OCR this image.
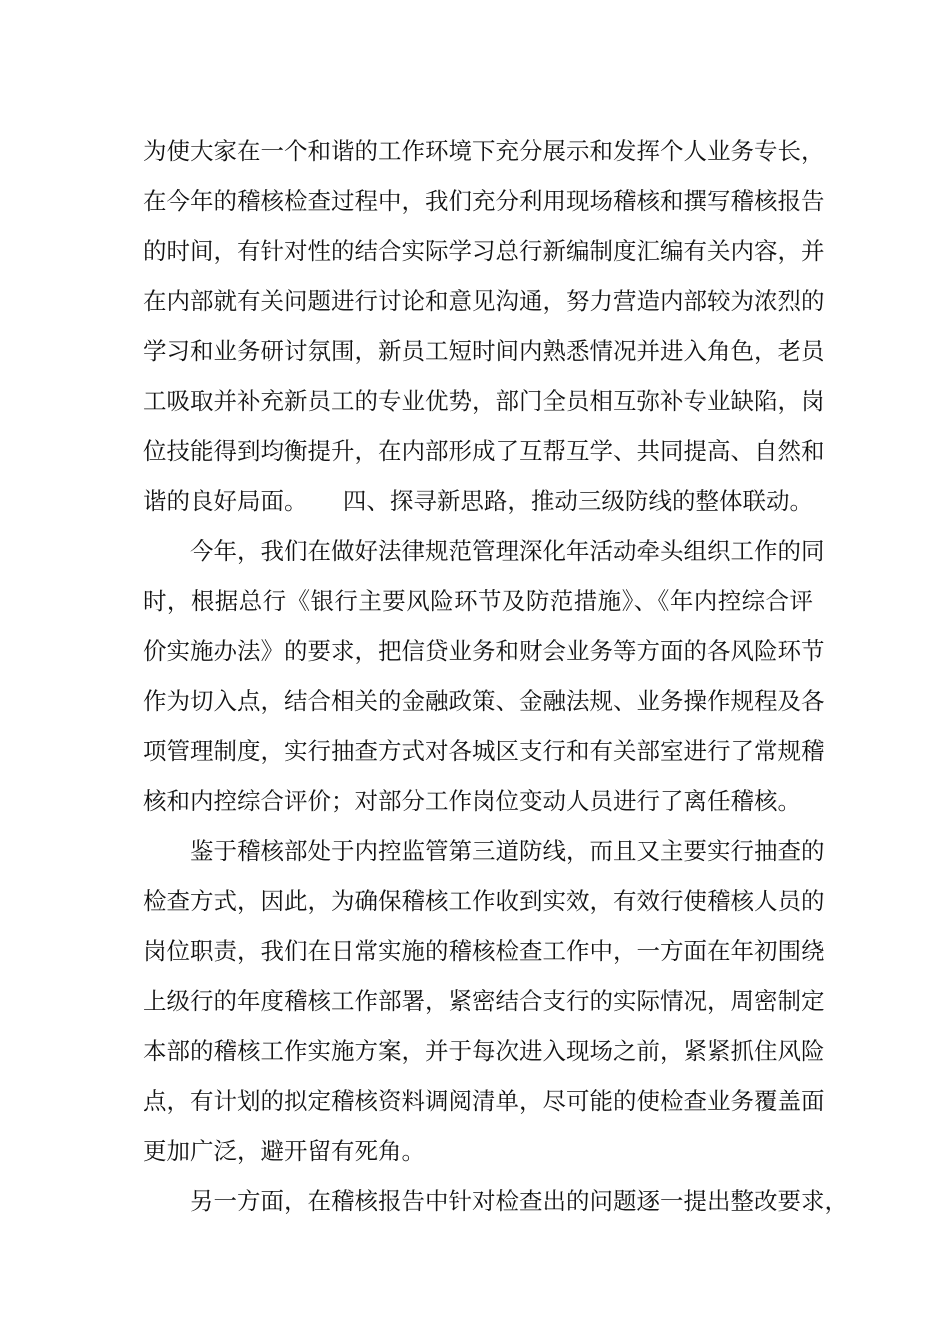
为使大家在一个和谐的工作环境下充分展示和发挥个人业务专长，
在今年的稽核检查过程中，我们充分利用现场稽核和撰写稽核报告
的时间，有针对性的结合实际学习总行新编制度汇编有关内容，并
在内部就有关问题进行讨论和意见沟通，努力营造内部较为浓烈的
学习和业务研讨氛围，新员工短时间内熟悉情况并进入角色，老员
工吸取并补充新员工的专业优势，部门全员相互弥补专业缺陷，岗
位技能得到均衡提升，在内部形成了互帮互学、共同提高、自然和
谐的良好局面。　　四、探寻新思路，推动三级防线的整体联动。
今年，我们在做好法律规范管理深化年活动牵头组织工作的同
时，根据总行《银行主要风险环节及防范措施》、《年内控综合评
价实施办法》的要求，把信贷业务和财会业务等方面的各风险环节
作为切入点，结合相关的金融政策、金融法规、业务操作规程及各
项管理制度，实行抽查方式对各城区支行和有关部室进行了常规稽
核和内控综合评价；对部分工作岗位变动人员进行了离任稽核。
鉴于稽核部处于内控监管第三道防线，而且又主要实行抽查的
检查方式，因此，为确保稽核工作收到实效，有效行使稽核人员的
岗位职责，我们在日常实施的稽核检查工作中，一方面在年初围绕
上级行的年度稽核工作部署，紧密结合支行的实际情况，周密制定
本部的稽核工作实施方案，并于每次进入现场之前，紧紧抓住风险
点，有计划的拟定稽核资料调阅清单，尽可能的使检查业务覆盖面
更加广泛，避开留有死角。
另一方面，在稽核报告中针对检查出的问题逐一提出整改要求，
